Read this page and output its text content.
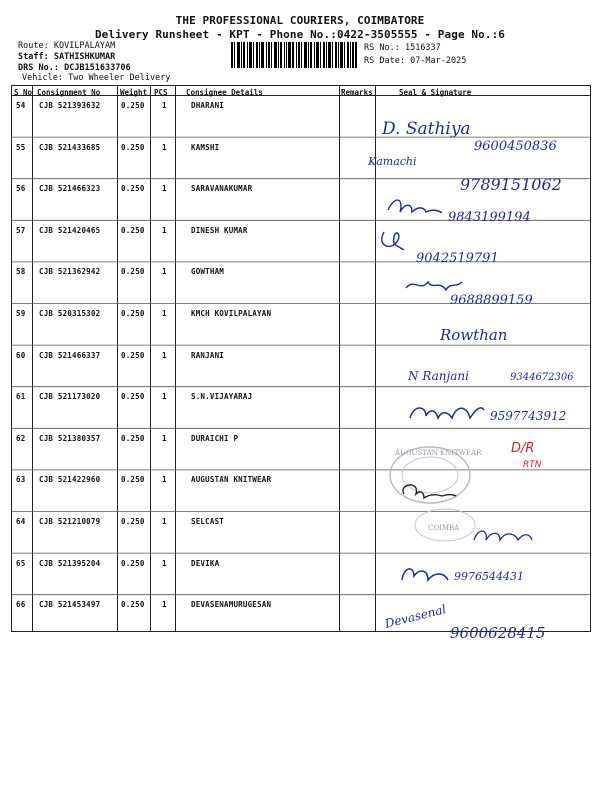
THE PROFESSIONAL COURIERS, COIMBATORE
Delivery Runsheet - KPT - Phone No.:0422-3505555 - Page No.:6
Route: KOVILPALAYAM
Staff: SATHISHKUMAR
DRS No.: DCJB151633706
Vehicle: Two Wheeler Delivery
RS No.: 1516337
RS Date: 07-Mar-2025
S No Consignment No	Weight PCS Consignee Details	Remarks	Seal & Signature
54 CJB 521393632	0.250 1	DHARANI
55 CJB 521433685	0.250 1	KAMSHI
56 CJB 521466323	0.250 1	SARAVANAKUMAR
57 CJB 521420465	0.250 1	DINESH KUMAR
58 CJB 521362942	0.250 1	GOWTHAM
59 CJB 520315302	0.250 1	KMCH KOVILPALAYAN
60 CJB 521466337	0.250 1	RANJANI
61 CJB 521173020	0.250 1	S.N.VIJAYARAJ
62 CJB 521380357	0.250 1	DURAICHI P
63 CJB 521422960	0.250 1	AUGUSTAN KNITWEAR
64 CJB 521210079	0.250 1	SELCAST
65 CJB 521395204	0.250 1	DEVIKA
66 CJB 521453497	0.250 1	DEVASENAMURUGESAN
AUGUSTAN KNITWEAR
COIMBA
D. Sathiya
9600450836
Kamachi
9789151062
9843199194
9042519791
9688899159
Rowthan
N Ranjani	9344672306
9597743912
D/R
RTN
9976544431
Devasenal
9600628415
